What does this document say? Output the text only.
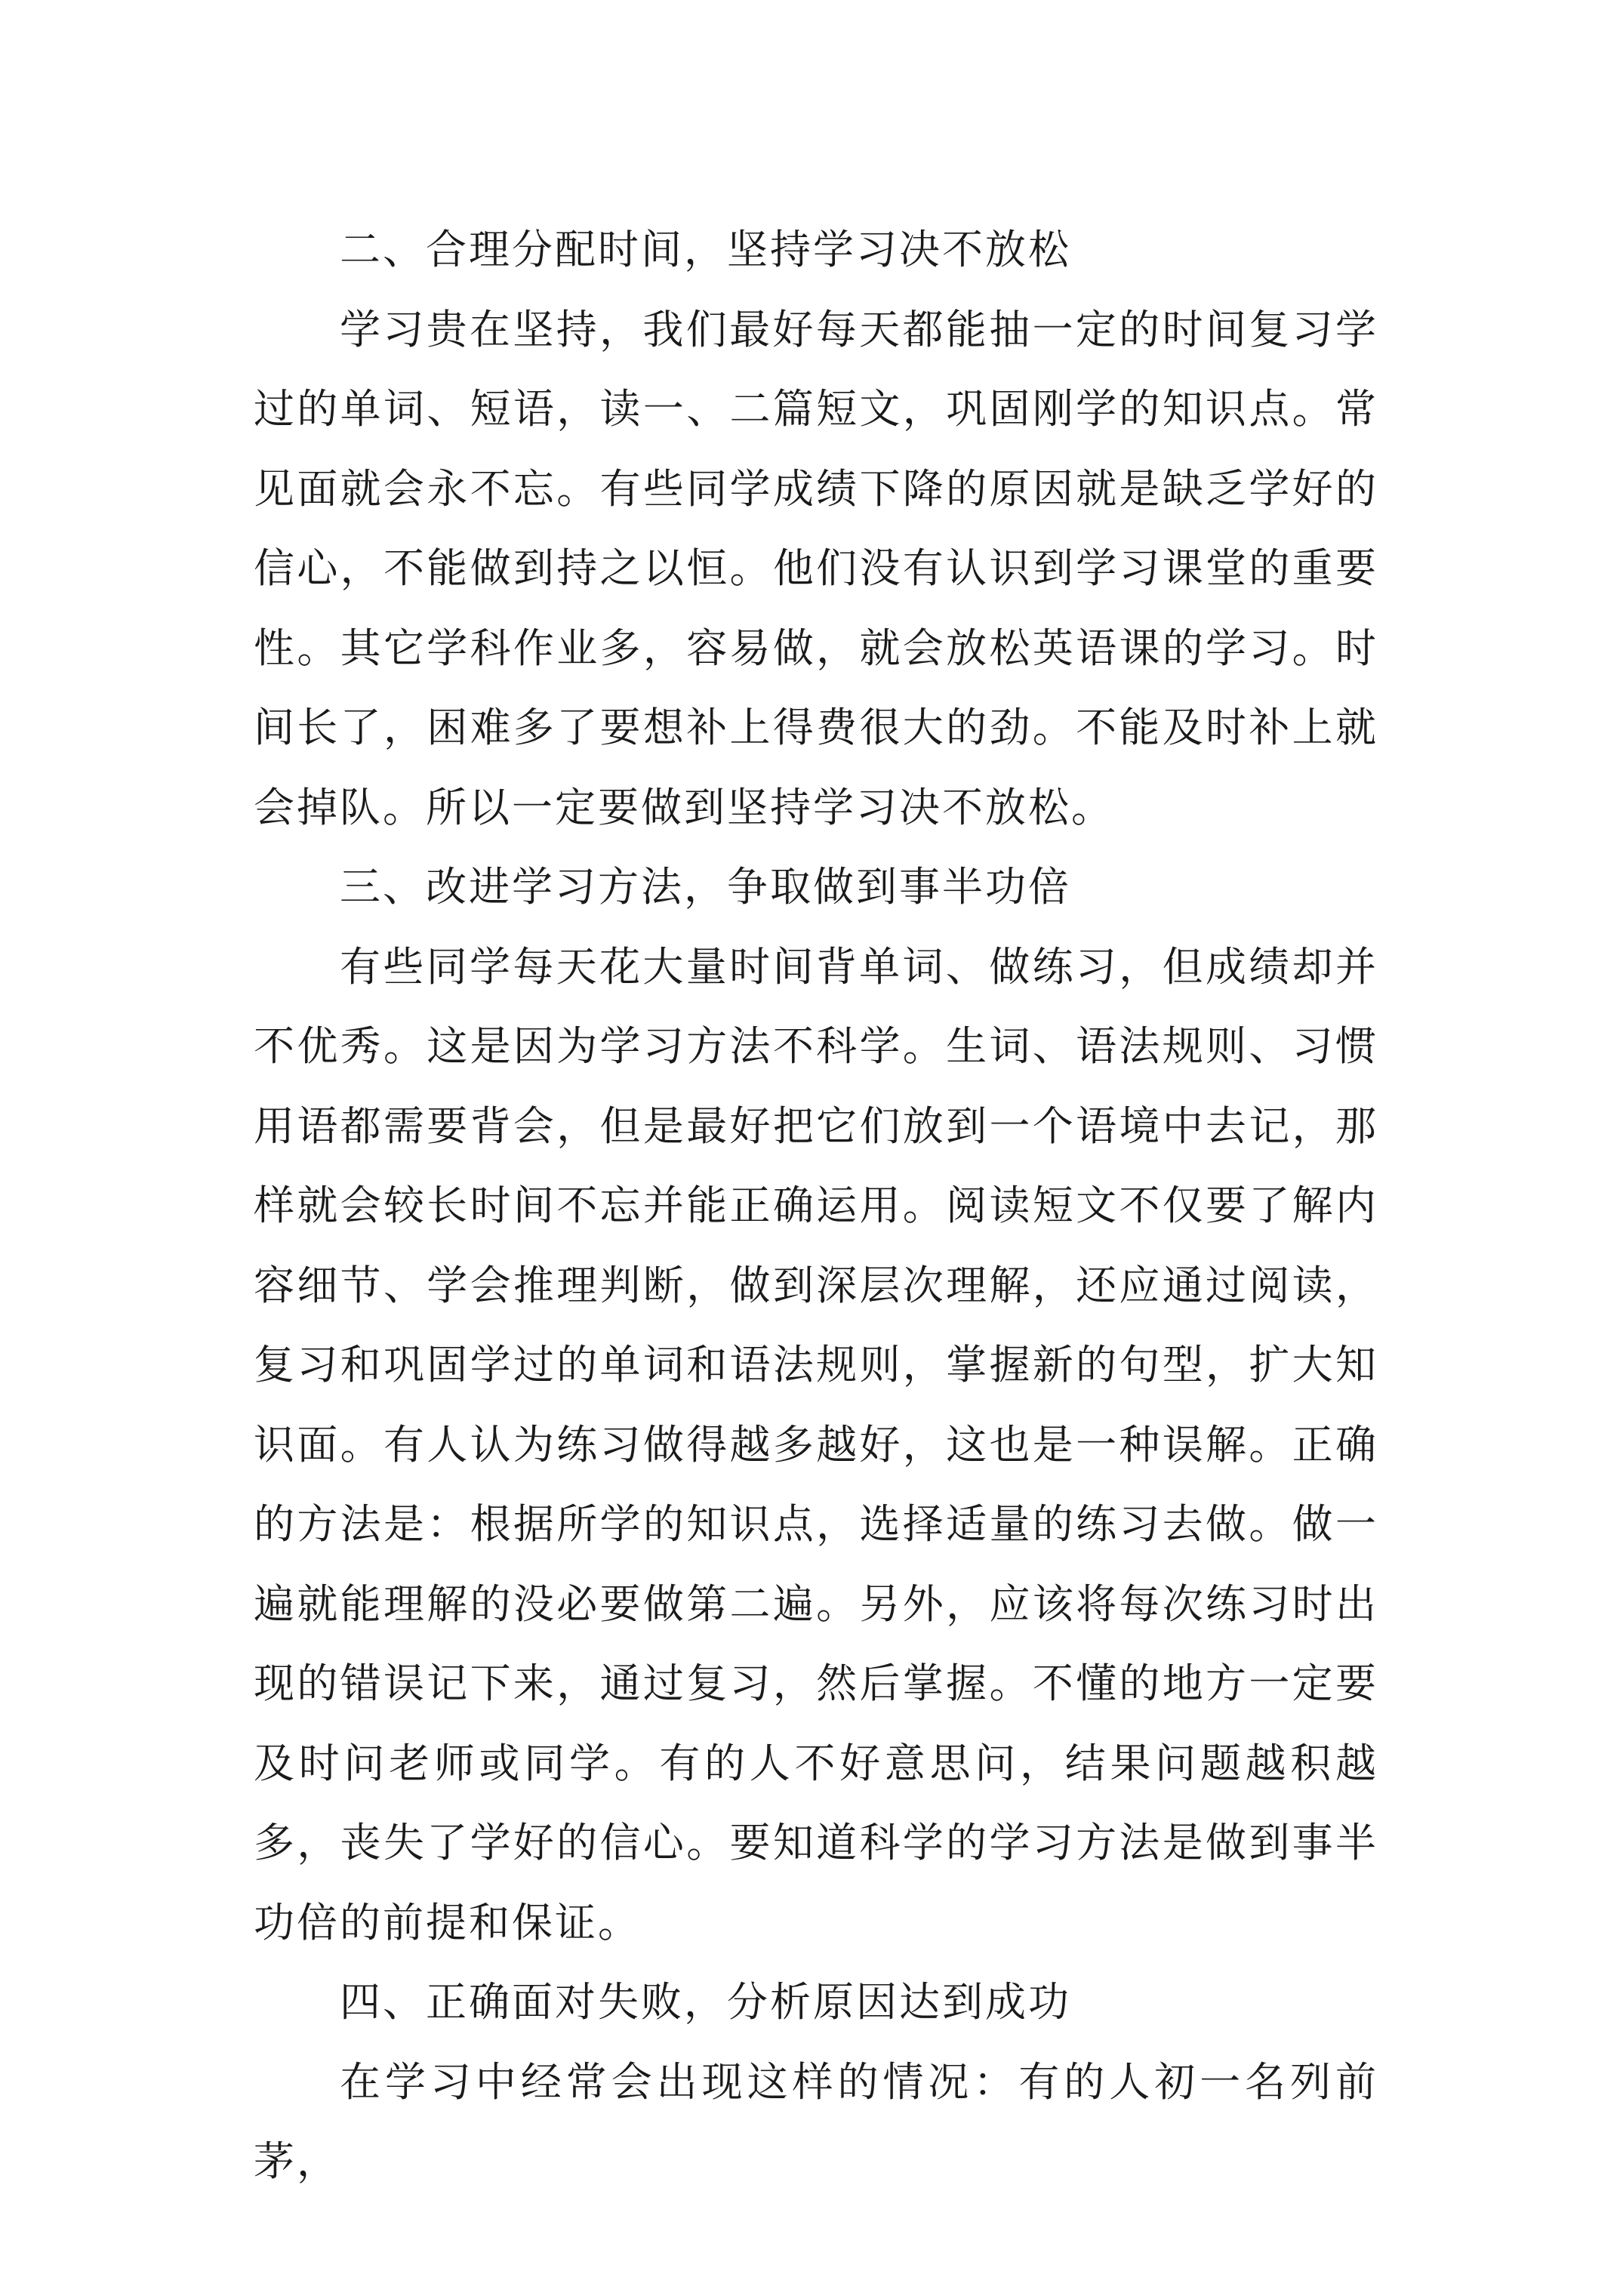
二、合理分配时间，坚持学习决不放松

学习贵在坚持，我们最好每天都能抽一定的时间复习学过的单词、短语，读一、二篇短文，巩固刚学的知识点。常见面就会永不忘。有些同学成绩下降的原因就是缺乏学好的信心，不能做到持之以恒。他们没有认识到学习课堂的重要性。其它学科作业多，容易做，就会放松英语课的学习。时间长了，困难多了要想补上得费很大的劲。不能及时补上就会掉队。所以一定要做到坚持学习决不放松。

三、改进学习方法，争取做到事半功倍

有些同学每天花大量时间背单词、做练习，但成绩却并不优秀。这是因为学习方法不科学。生词、语法规则、习惯用语都需要背会，但是最好把它们放到一个语境中去记，那样就会较长时间不忘并能正确运用。阅读短文不仅要了解内容细节、学会推理判断，做到深层次理解，还应通过阅读，复习和巩固学过的单词和语法规则，掌握新的句型，扩大知识面。有人认为练习做得越多越好，这也是一种误解。正确的方法是：根据所学的知识点，选择适量的练习去做。做一遍就能理解的没必要做第二遍。另外，应该将每次练习时出现的错误记下来，通过复习，然后掌握。不懂的地方一定要及时问老师或同学。有的人不好意思问，结果问题越积越多，丧失了学好的信心。要知道科学的学习方法是做到事半功倍的前提和保证。

四、正确面对失败，分析原因达到成功

在学习中经常会出现这样的情况：有的人初一名列前茅，
